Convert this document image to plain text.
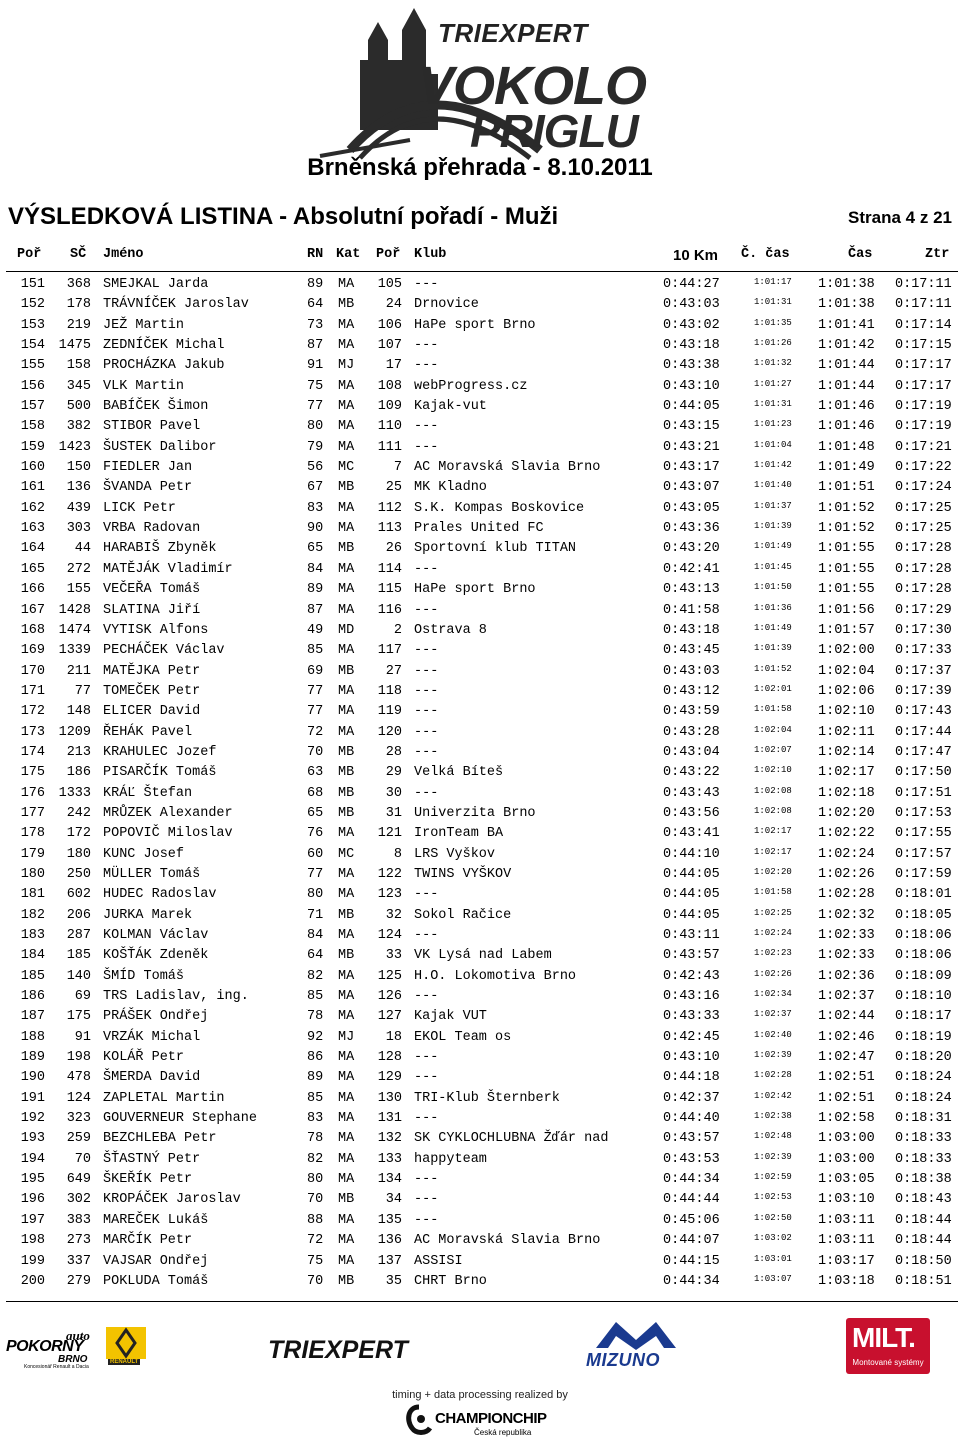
TRIEXPERT
VOKOLO
PRIGLU
Brněnská přehrada - 8.10.2011
VÝSLEDKOVÁ LISTINA - Absolutní pořadí - Muži	Strana 4 z 21
Poř SČ Jméno	RN Kat Poř Klub	10 Km Č. čas	Čas	Ztr
151	368 SMEJKAL Jarda	89 MA	105 ---	0:44:27	1:01:17	1:01:38	0:17:11
152	178 TRÁVNÍČEK Jaroslav	64 MB	24 Drnovice	0:43:03	1:01:31	1:01:38	0:17:11
153	219 JEŽ Martin	73 MA	106 HaPe sport Brno	0:43:02	1:01:35	1:01:41	0:17:14
154	1475 ZEDNÍČEK Michal	87 MA	107 ---	0:43:18	1:01:26	1:01:42	0:17:15
155	158 PROCHÁZKA Jakub	91 MJ	17 ---	0:43:38	1:01:32	1:01:44	0:17:17
156	345 VLK Martin	75 MA	108 webProgress.cz	0:43:10	1:01:27	1:01:44	0:17:17
157	500 BABÍČEK Šimon	77 MA	109 Kajak-vut	0:44:05	1:01:31	1:01:46	0:17:19
158	382 STIBOR Pavel	80 MA	110 ---	0:43:15	1:01:23	1:01:46	0:17:19
159	1423 ŠUSTEK Dalibor	79 MA	111 ---	0:43:21	1:01:04	1:01:48	0:17:21
160	150 FIEDLER Jan	56 MC	7 AC Moravská Slavia Brno	0:43:17	1:01:42	1:01:49	0:17:22
161	136 ŠVANDA Petr	67 MB	25 MK Kladno	0:43:07	1:01:40	1:01:51	0:17:24
162	439 LICK Petr	83 MA	112 S.K. Kompas Boskovice	0:43:05	1:01:37	1:01:52	0:17:25
163	303 VRBA Radovan	90 MA	113 Prales United FC	0:43:36	1:01:39	1:01:52	0:17:25
164	44 HARABIŠ Zbyněk	65 MB	26 Sportovní klub TITAN	0:43:20	1:01:49	1:01:55	0:17:28
165	272 MATĚJÁK Vladimír	84 MA	114 ---	0:42:41	1:01:45	1:01:55	0:17:28
166	155 VEČEŘA Tomáš	89 MA	115 HaPe sport Brno	0:43:13	1:01:50	1:01:55	0:17:28
167	1428 SLATINA Jiří	87 MA	116 ---	0:41:58	1:01:36	1:01:56	0:17:29
168	1474 VYTISK Alfons	49 MD	2 Ostrava 8	0:43:18	1:01:49	1:01:57	0:17:30
169	1339 PECHÁČEK Václav	85 MA	117 ---	0:43:45	1:01:39	1:02:00	0:17:33
170	211 MATĚJKA Petr	69 MB	27 ---	0:43:03	1:01:52	1:02:04	0:17:37
171	77 TOMEČEK Petr	77 MA	118 ---	0:43:12	1:02:01	1:02:06	0:17:39
172	148 ELICER David	77 MA	119 ---	0:43:59	1:01:58	1:02:10	0:17:43
173	1209 ŘEHÁK Pavel	72 MA	120 ---	0:43:28	1:02:04	1:02:11	0:17:44
174	213 KRAHULEC Jozef	70 MB	28 ---	0:43:04	1:02:07	1:02:14	0:17:47
175	186 PISARČÍK Tomáš	63 MB	29 Velká Bíteš	0:43:22	1:02:10	1:02:17	0:17:50
176	1333 KRÁĽ Štefan	68 MB	30 ---	0:43:43	1:02:08	1:02:18	0:17:51
177	242 MRŮZEK Alexander	65 MB	31 Univerzita Brno	0:43:56	1:02:08	1:02:20	0:17:53
178	172 POPOVIČ Miloslav	76 MA	121 IronTeam BA	0:43:41	1:02:17	1:02:22	0:17:55
179	180 KUNC Josef	60 MC	8 LRS Vyškov	0:44:10	1:02:17	1:02:24	0:17:57
180	250 MÜLLER Tomáš	77 MA	122 TWINS VYŠKOV	0:44:05	1:02:20	1:02:26	0:17:59
181	602 HUDEC Radoslav	80 MA	123 ---	0:44:05	1:01:58	1:02:28	0:18:01
182	206 JURKA Marek	71 MB	32 Sokol Račice	0:44:05	1:02:25	1:02:32	0:18:05
183	287 KOLMAN Václav	84 MA	124 ---	0:43:11	1:02:24	1:02:33	0:18:06
184	185 KOŠŤÁK Zdeněk	64 MB	33 VK Lysá nad Labem	0:43:57	1:02:23	1:02:33	0:18:06
185	140 ŠMÍD Tomáš	82 MA	125 H.O. Lokomotiva Brno	0:42:43	1:02:26	1:02:36	0:18:09
186	69 TRS Ladislav, ing.	85 MA	126 ---	0:43:16	1:02:34	1:02:37	0:18:10
187	175 PRÁŠEK Ondřej	78 MA	127 Kajak VUT	0:43:33	1:02:37	1:02:44	0:18:17
188	91 VRZÁK Michal	92 MJ	18 EKOL Team os	0:42:45	1:02:40	1:02:46	0:18:19
189	198 KOLÁŘ Petr	86 MA	128 ---	0:43:10	1:02:39	1:02:47	0:18:20
190	478 ŠMERDA David	89 MA	129 ---	0:44:18	1:02:28	1:02:51	0:18:24
191	124 ZAPLETAL Martin	85 MA	130 TRI-Klub Šternberk	0:42:37	1:02:42	1:02:51	0:18:24
192	323 GOUVERNEUR Stephane	83 MA	131 ---	0:44:40	1:02:38	1:02:58	0:18:31
193	259 BEZCHLEBA Petr	78 MA	132 SK CYKLOCHLUBNA Žďár nad	0:43:57	1:02:48	1:03:00	0:18:33
194	70 ŠŤASTNÝ Petr	82 MA	133 happyteam	0:43:53	1:02:39	1:03:00	0:18:33
195	649 ŠKEŘÍK Petr	80 MA	134 ---	0:44:34	1:02:59	1:03:05	0:18:38
196	302 KROPÁČEK Jaroslav	70 MB	34 ---	0:44:44	1:02:53	1:03:10	0:18:43
197	383 MAREČEK Lukáš	88 MA	135 ---	0:45:06	1:02:50	1:03:11	0:18:44
198	273 MARČÍK Petr	72 MA	136 AC Moravská Slavia Brno	0:44:07	1:03:02	1:03:11	0:18:44
199	337 VAJSAR Ondřej	75 MA	137 ASSISI	0:44:15	1:03:01	1:03:17	0:18:50
200	279 POKLUDA Tomáš	70 MB	35 CHRT Brno	0:44:34	1:03:07	1:03:18	0:18:51
auto
POKORNÝ
BRNO
Koncesionář Renault a Dacia
RENAULT	TRIEXPERT	MIZUNO
MILT.
Montované systémy
timing + data processing realized by
CHAMPIONCHIP
Česká republika
